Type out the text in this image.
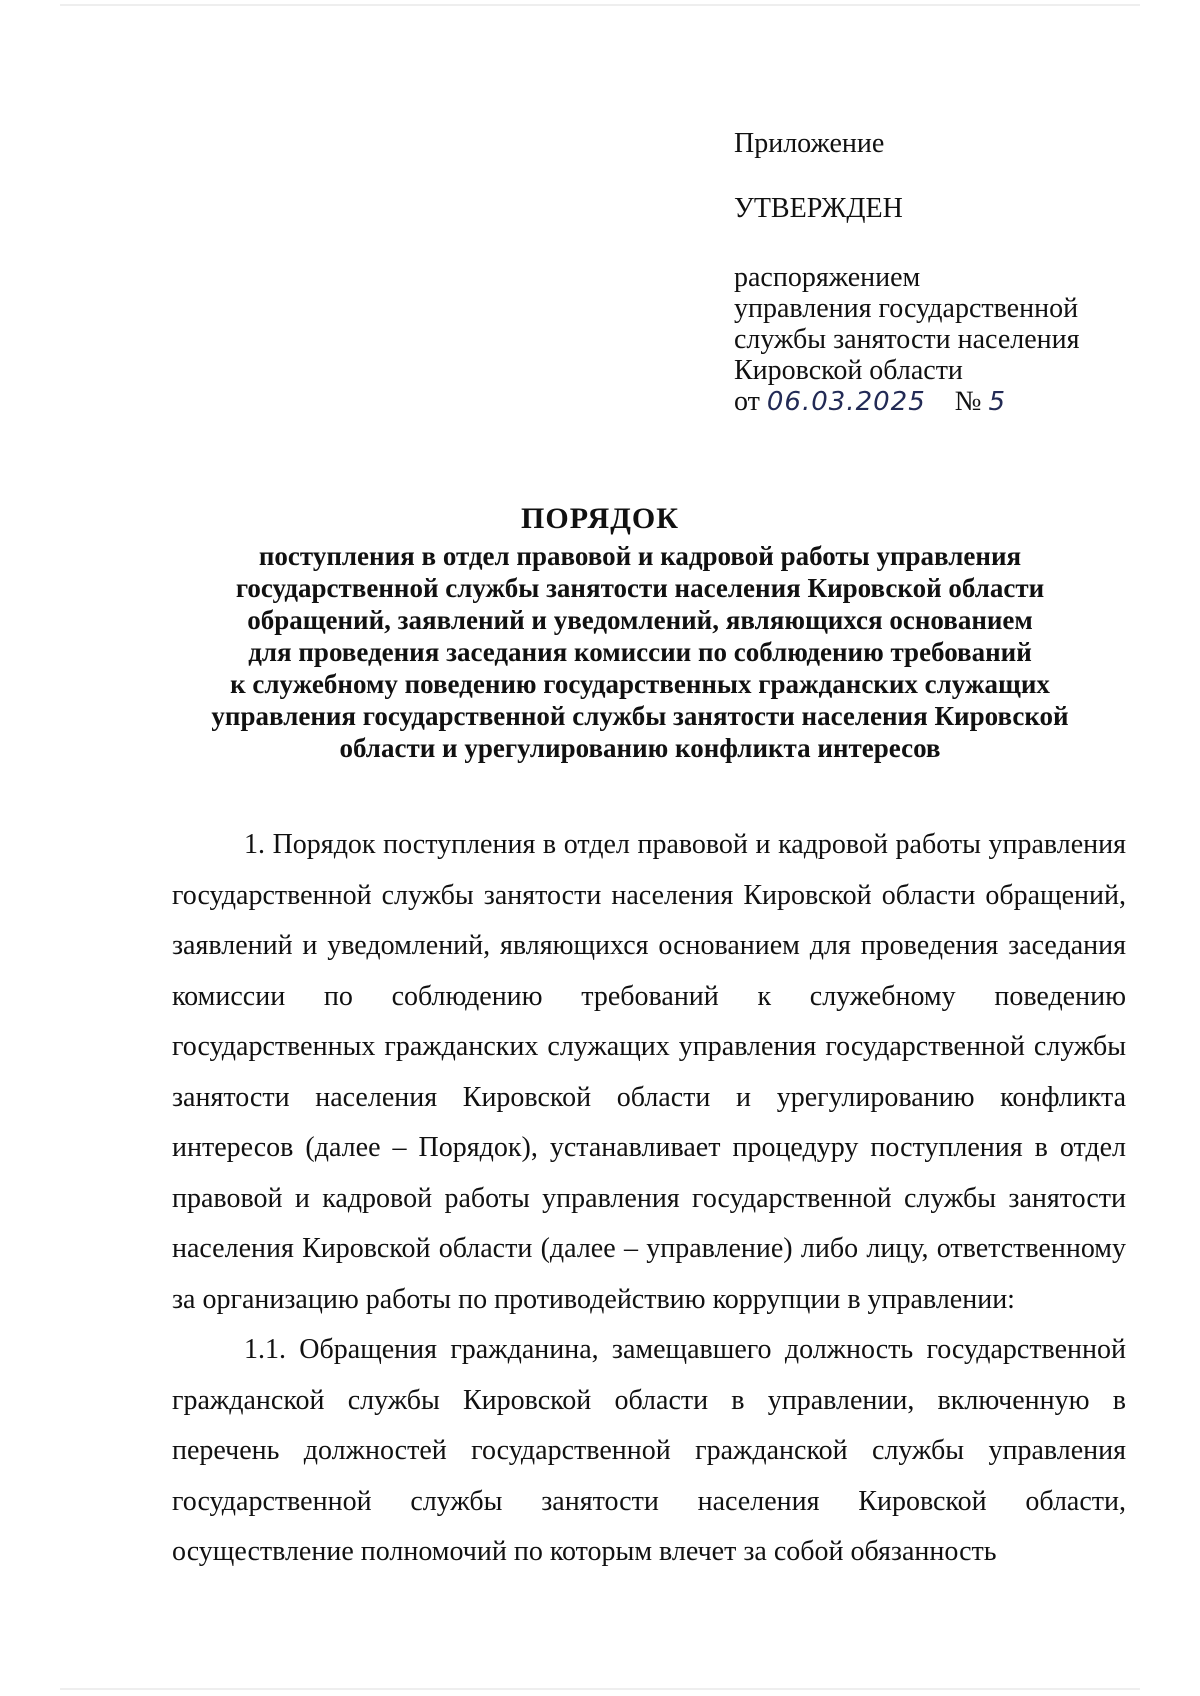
Приложение
УТВЕРЖДЕН
распоряжением
управления государственной
службы занятости населения
Кировской области
от 06.03.2025 № 5
ПОРЯДОК
поступления в отдел правовой и кадровой работы управления
государственной службы занятости населения Кировской области
обращений, заявлений и уведомлений, являющихся основанием
для проведения заседания комиссии по соблюдению требований
к служебному поведению государственных гражданских служащих
управления государственной службы занятости населения Кировской
области и урегулированию конфликта интересов

1. Порядок поступления в отдел правовой и кадровой работы управления государственной службы занятости населения Кировской области обращений, заявлений и уведомлений, являющихся основанием для проведения заседания комиссии по соблюдению требований к служебному поведению государственных гражданских служащих управления государственной службы занятости населения Кировской области и урегулированию конфликта интересов (далее – Порядок), устанавливает процедуру поступления в отдел правовой и кадровой работы управления государственной службы занятости населения Кировской области (далее – управление) либо лицу, ответственному за организацию работы по противодействию коррупции в управлении:

1.1. Обращения гражданина, замещавшего должность государственной гражданской службы Кировской области в управлении, включенную в перечень должностей государственной гражданской службы управления государственной службы занятости населения Кировской области, осуществление полномочий по которым влечет за собой обязанность
